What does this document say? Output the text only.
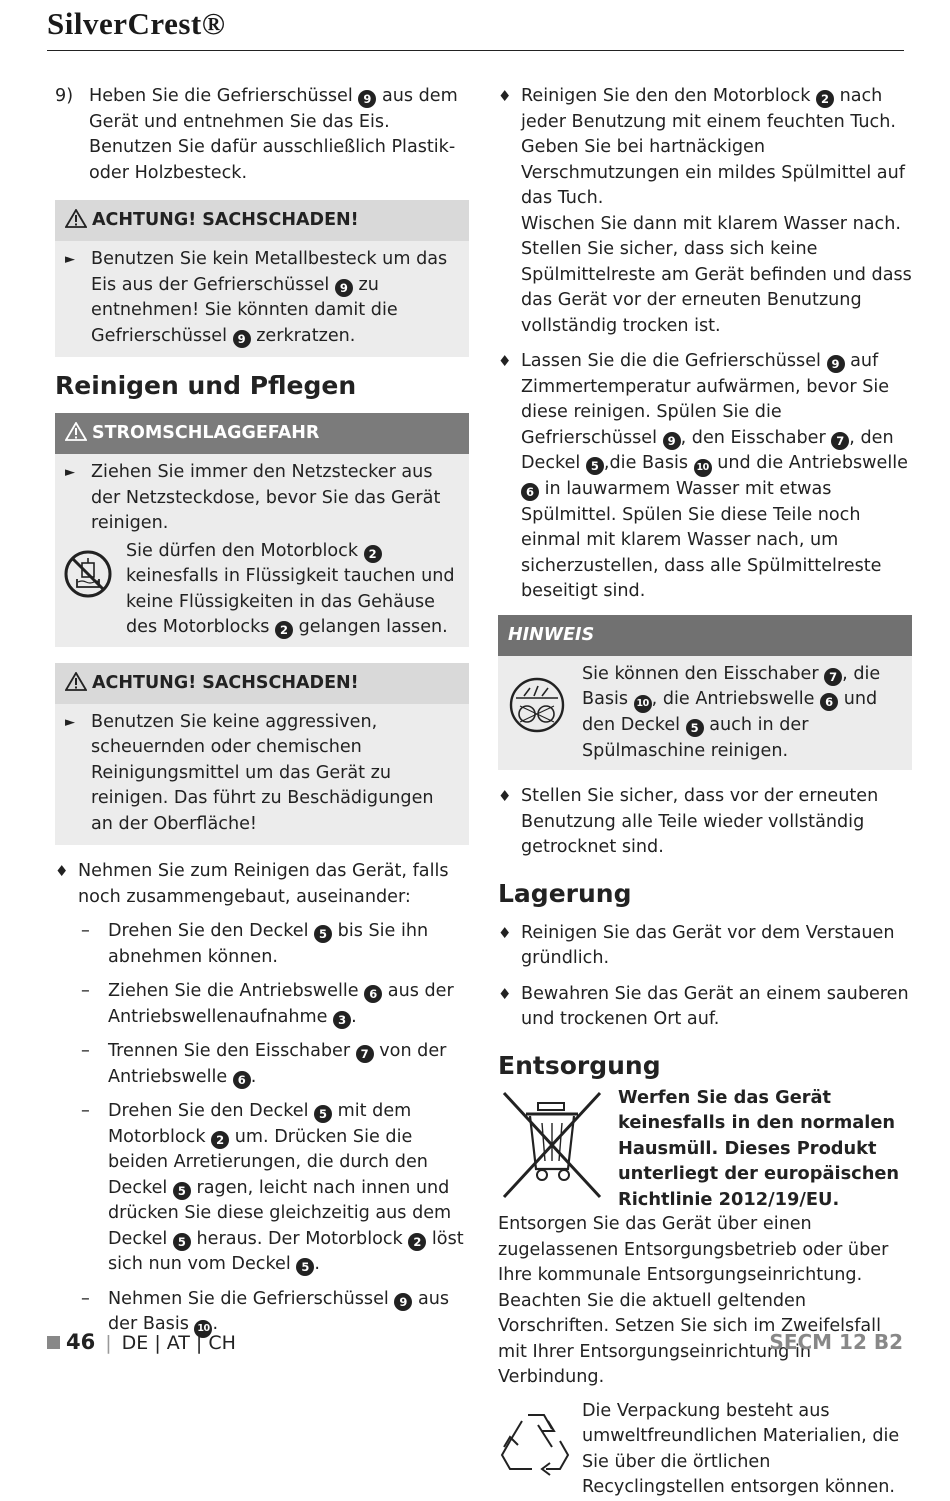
SilverCrest®
9) Heben Sie die Gefrierschüssel 9 aus dem Gerät und entnehmen Sie das Eis. Benutzen Sie dafür ausschließlich Plastik- oder Holzbesteck.
ACHTUNG! SACHSCHADEN!
► Benutzen Sie kein Metallbesteck um das Eis aus der Gefrierschüssel 9 zu entnehmen! Sie könnten damit die Gefrierschüssel 9 zerkratzen.
Reinigen und Pflegen
STROMSCHLAGGEFAHR
► Ziehen Sie immer den Netzstecker aus der Netzsteckdose, bevor Sie das Gerät reinigen.
Sie dürfen den Motorblock 2 keinesfalls in Flüssigkeit tauchen und keine Flüssigkeiten in das Gehäuse des Motorblocks 2 gelangen lassen.
ACHTUNG! SACHSCHADEN!
► Benutzen Sie keine aggressiven, scheuernden oder chemischen Reinigungsmittel um das Gerät zu reinigen. Das führt zu Beschädigungen an der Oberfläche!
♦ Nehmen Sie zum Reinigen das Gerät, falls noch zusammengebaut, auseinander:
– Drehen Sie den Deckel 5 bis Sie ihn abnehmen können.
– Ziehen Sie die Antriebswelle 6 aus der Antriebswellenaufnahme 3 .
– Trennen Sie den Eisschaber 7 von der Antriebswelle 6 .
– Drehen Sie den Deckel 5 mit dem Motorblock 2 um. Drücken Sie die beiden Arretierungen, die durch den Deckel 5 ragen, leicht nach innen und drücken Sie diese gleichzeitig aus dem Deckel 5 heraus. Der Motorblock 2 löst sich nun vom Deckel 5 .
– Nehmen Sie die Gefrierschüssel 9 aus der Basis 10 .
♦ Reinigen Sie den den Motorblock 2 nach jeder Benutzung mit einem feuchten Tuch. Geben Sie bei hartnäckigen Verschmutzungen ein mildes Spülmittel auf das Tuch.
Wischen Sie dann mit klarem Wasser nach. Stellen Sie sicher, dass sich keine Spülmittelreste am Gerät befinden und dass das Gerät vor der erneuten Benutzung vollständig trocken ist.
♦ Lassen Sie die die Gefrierschüssel 9 auf Zimmertemperatur aufwärmen, bevor Sie diese reinigen. Spülen Sie die Gefrierschüssel 9 , den Eisschaber 7 , den Deckel 5 ,die Basis 10 und die Antriebswelle 6 in lauwarmem Wasser mit etwas Spülmittel. Spülen Sie diese Teile noch einmal mit klarem Wasser nach, um sicherzustellen, dass alle Spülmittelreste beseitigt sind.
HINWEIS
Sie können den Eisschaber 7 , die Basis 10 , die Antriebswelle 6 und den Deckel 5 auch in der Spülmaschine reinigen.
♦ Stellen Sie sicher, dass vor der erneuten Benutzung alle Teile wieder vollständig getrocknet sind.
Lagerung
♦ Reinigen Sie das Gerät vor dem Verstauen gründlich.
♦ Bewahren Sie das Gerät an einem sauberen und trockenen Ort auf.
Entsorgung
Werfen Sie das Gerät keinesfalls in den normalen Hausmüll. Dieses Produkt unterliegt der europäischen Richtlinie 2012/19/EU.
Entsorgen Sie das Gerät über einen zugelassenen Entsorgungsbetrieb oder über Ihre kommunale Entsorgungseinrichtung. Beachten Sie die aktuell geltenden Vorschriften. Setzen Sie sich im Zweifelsfall mit Ihrer Entsorgungseinrichtung in Verbindung.
Die Verpackung besteht aus umweltfreundlichen Materialien, die Sie über die örtlichen Recyclingstellen entsorgen können.
46 | DE | AT | CH	SECM 12 B2
